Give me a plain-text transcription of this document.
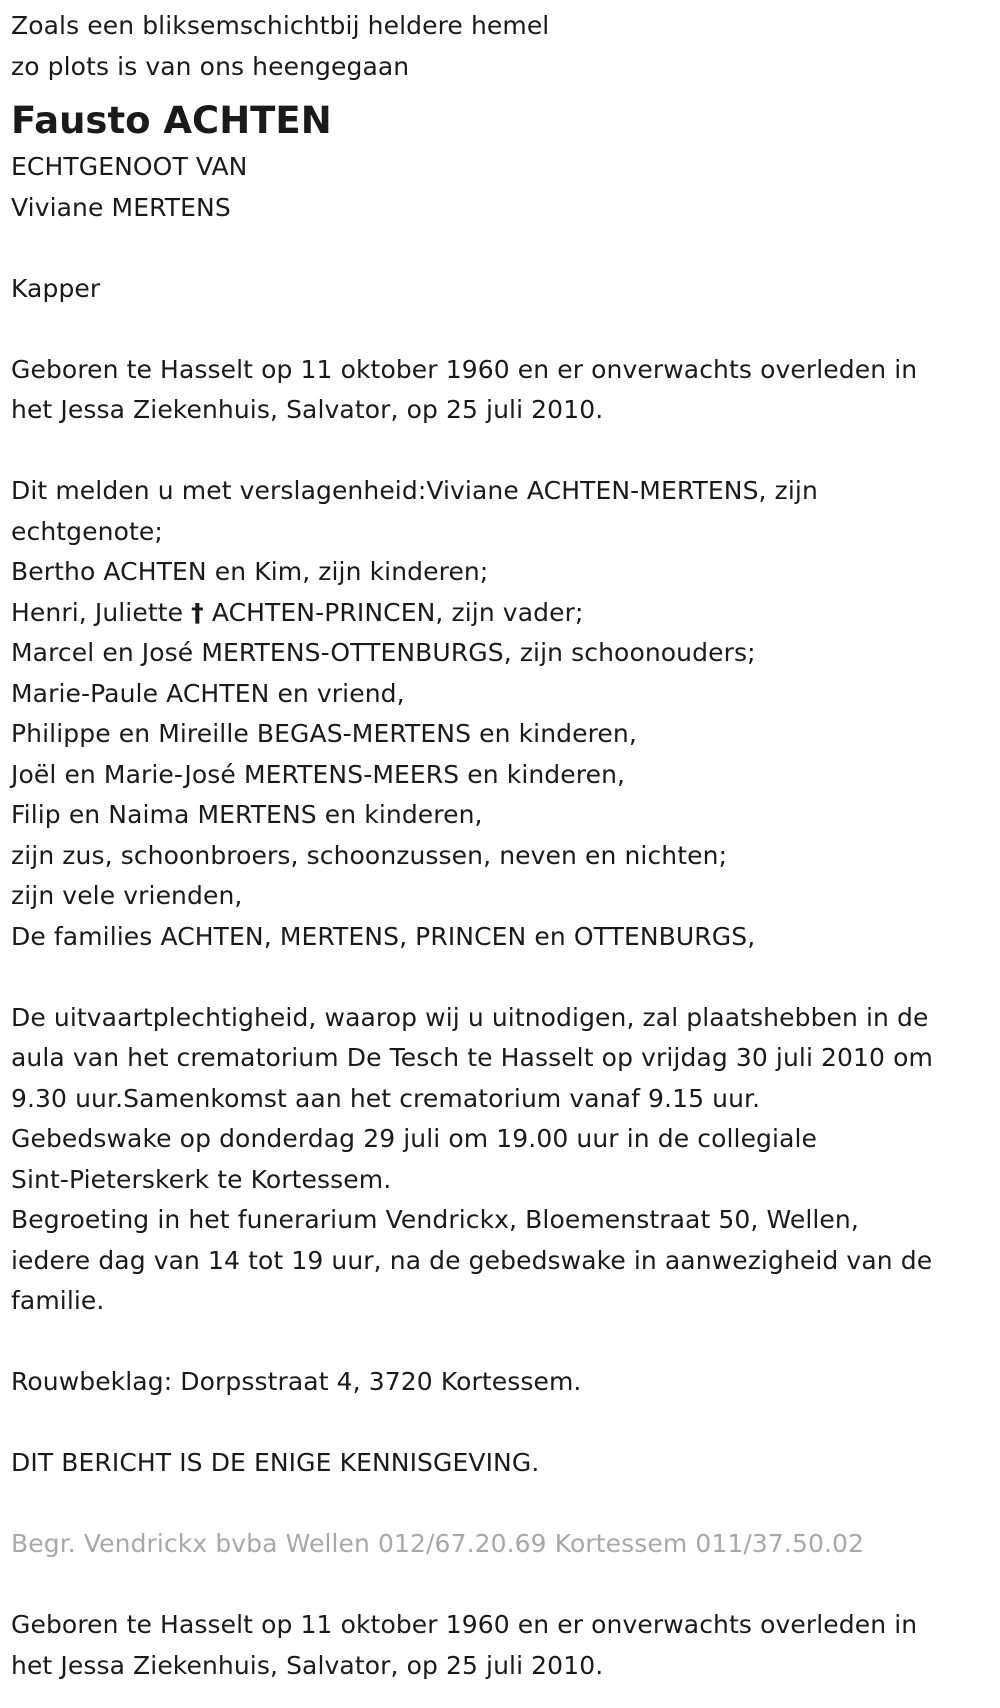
Zoals een bliksemschichtbij heldere hemel
zo plots is van ons heengegaan
Fausto ACHTEN
ECHTGENOOT VAN
Viviane MERTENS
Kapper
Geboren te Hasselt op 11 oktober 1960 en er onverwachts overleden in
het Jessa Ziekenhuis, Salvator, op 25 juli 2010.
Dit melden u met verslagenheid:Viviane ACHTEN-MERTENS, zijn
echtgenote;
Bertho ACHTEN en Kim, zijn kinderen;
Henri, Juliette † ACHTEN-PRINCEN, zijn vader;
Marcel en José MERTENS-OTTENBURGS, zijn schoonouders;
Marie-Paule ACHTEN en vriend,
Philippe en Mireille BEGAS-MERTENS en kinderen,
Joël en Marie-José MERTENS-MEERS en kinderen,
Filip en Naima MERTENS en kinderen,
zijn zus, schoonbroers, schoonzussen, neven en nichten;
zijn vele vrienden,
De families ACHTEN, MERTENS, PRINCEN en OTTENBURGS,
De uitvaartplechtigheid, waarop wij u uitnodigen, zal plaatshebben in de
aula van het crematorium De Tesch te Hasselt op vrijdag 30 juli 2010 om
9.30 uur.Samenkomst aan het crematorium vanaf 9.15 uur.
Gebedswake op donderdag 29 juli om 19.00 uur in de collegiale
Sint-Pieterskerk te Kortessem.
Begroeting in het funerarium Vendrickx, Bloemenstraat 50, Wellen,
iedere dag van 14 tot 19 uur, na de gebedswake in aanwezigheid van de
familie.
Rouwbeklag: Dorpsstraat 4, 3720 Kortessem.
DIT BERICHT IS DE ENIGE KENNISGEVING.
Begr. Vendrickx bvba Wellen 012/67.20.69 Kortessem 011/37.50.02
Geboren te Hasselt op 11 oktober 1960 en er onverwachts overleden in
het Jessa Ziekenhuis, Salvator, op 25 juli 2010.
